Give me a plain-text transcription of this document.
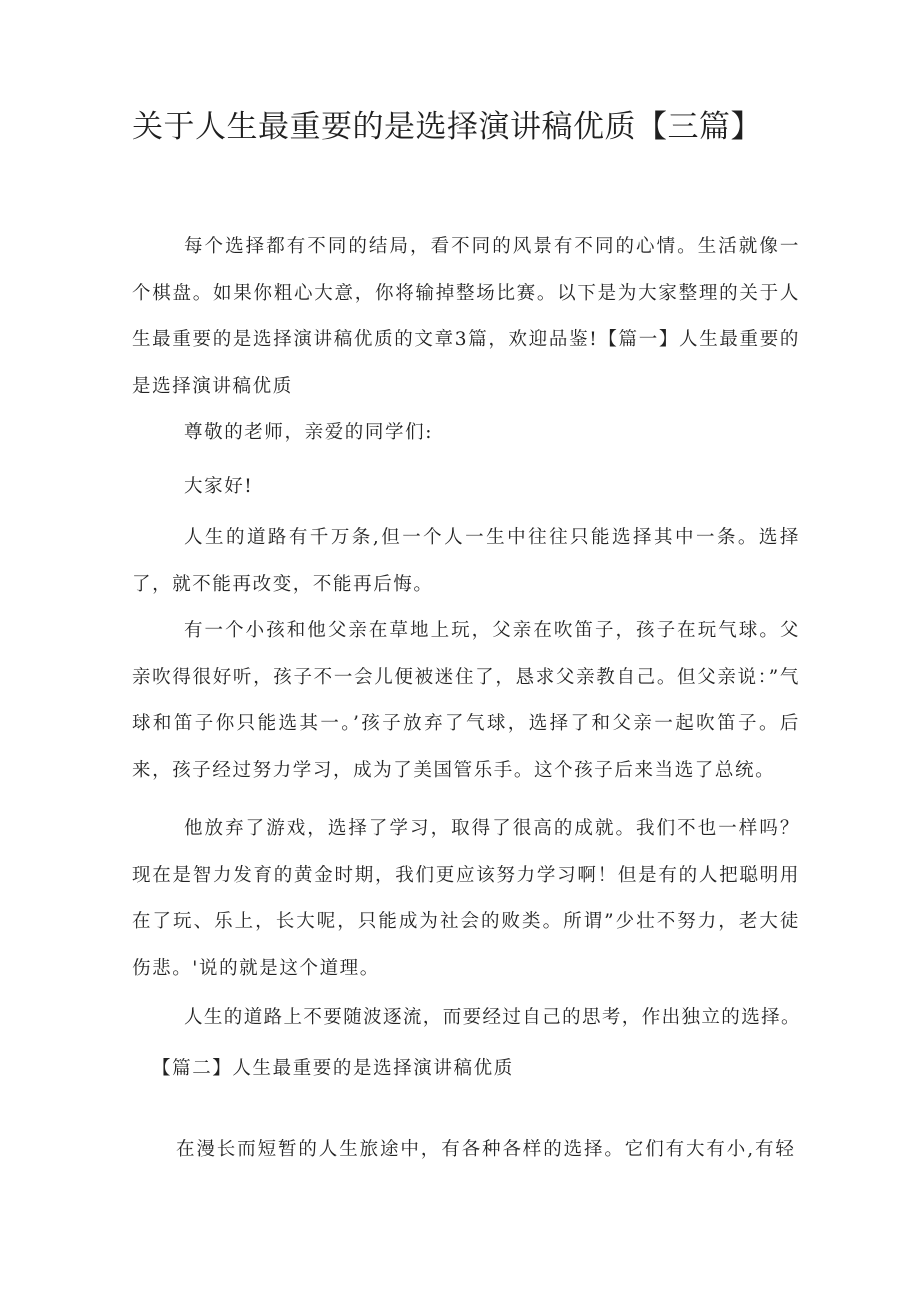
关于人生最重要的是选择演讲稿优质【三篇】
每个选择都有不同的结局，看不同的风景有不同的心情。生活就像一个棋盘。如果你粗心大意，你将输掉整场比赛。以下是为大家整理的关于人生最重要的是选择演讲稿优质的文章3篇，欢迎品鉴!【篇一】人生最重要的是选择演讲稿优质
尊敬的老师，亲爱的同学们:
大家好!
人生的道路有千万条,但一个人一生中往往只能选择其中一条。选择了，就不能再改变，不能再后悔。
有一个小孩和他父亲在草地上玩，父亲在吹笛子，孩子在玩气球。父亲吹得很好听，孩子不一会儿便被迷住了，恳求父亲教自己。但父亲说：”气球和笛子你只能选其一。’孩子放弃了气球，选择了和父亲一起吹笛子。后来，孩子经过努力学习，成为了美国管乐手。这个孩子后来当选了总统。
他放弃了游戏，选择了学习，取得了很高的成就。我们不也一样吗？现在是智力发育的黄金时期，我们更应该努力学习啊！但是有的人把聪明用在了玩、乐上，长大呢，只能成为社会的败类。所谓”少壮不努力，老大徒伤悲。'说的就是这个道理。
人生的道路上不要随波逐流，而要经过自己的思考，作出独立的选择。
【篇二】人生最重要的是选择演讲稿优质
在漫长而短暂的人生旅途中，有各种各样的选择。它们有大有小,有轻
